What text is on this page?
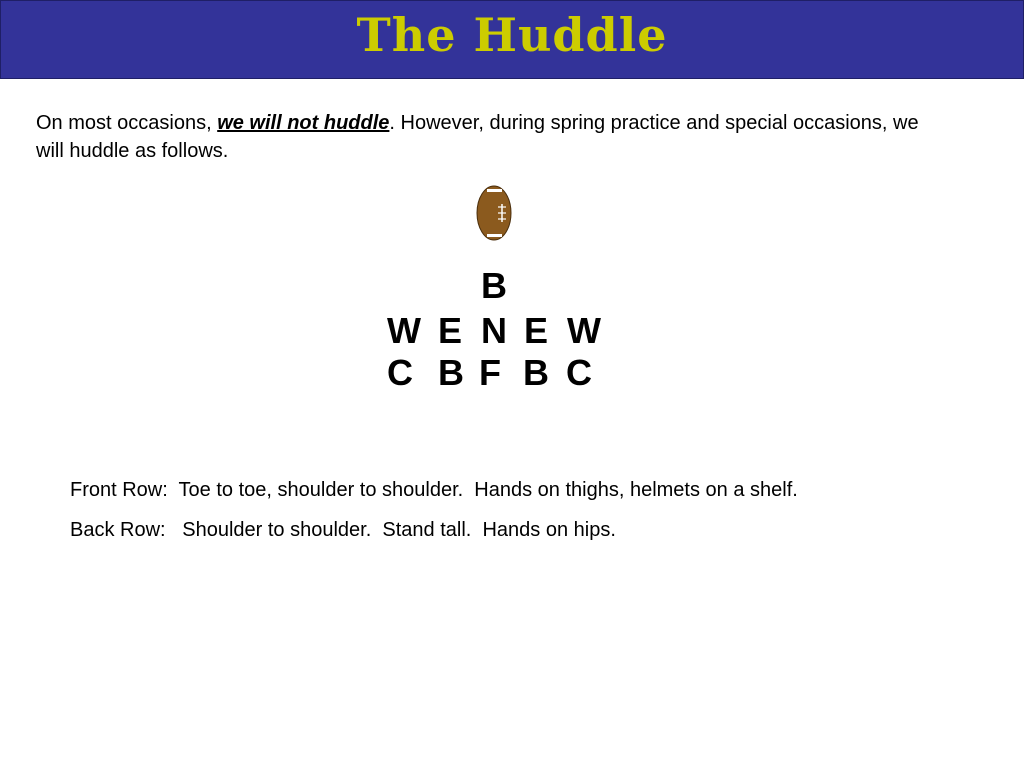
The Huddle
On most occasions, we will not huddle. However, during spring practice and special occasions, we will huddle as follows.
B
W E N E W
C B F B C
Front Row:  Toe to toe, shoulder to shoulder.  Hands on thighs, helmets on a shelf.
Back Row:   Shoulder to shoulder.  Stand tall.  Hands on hips.
